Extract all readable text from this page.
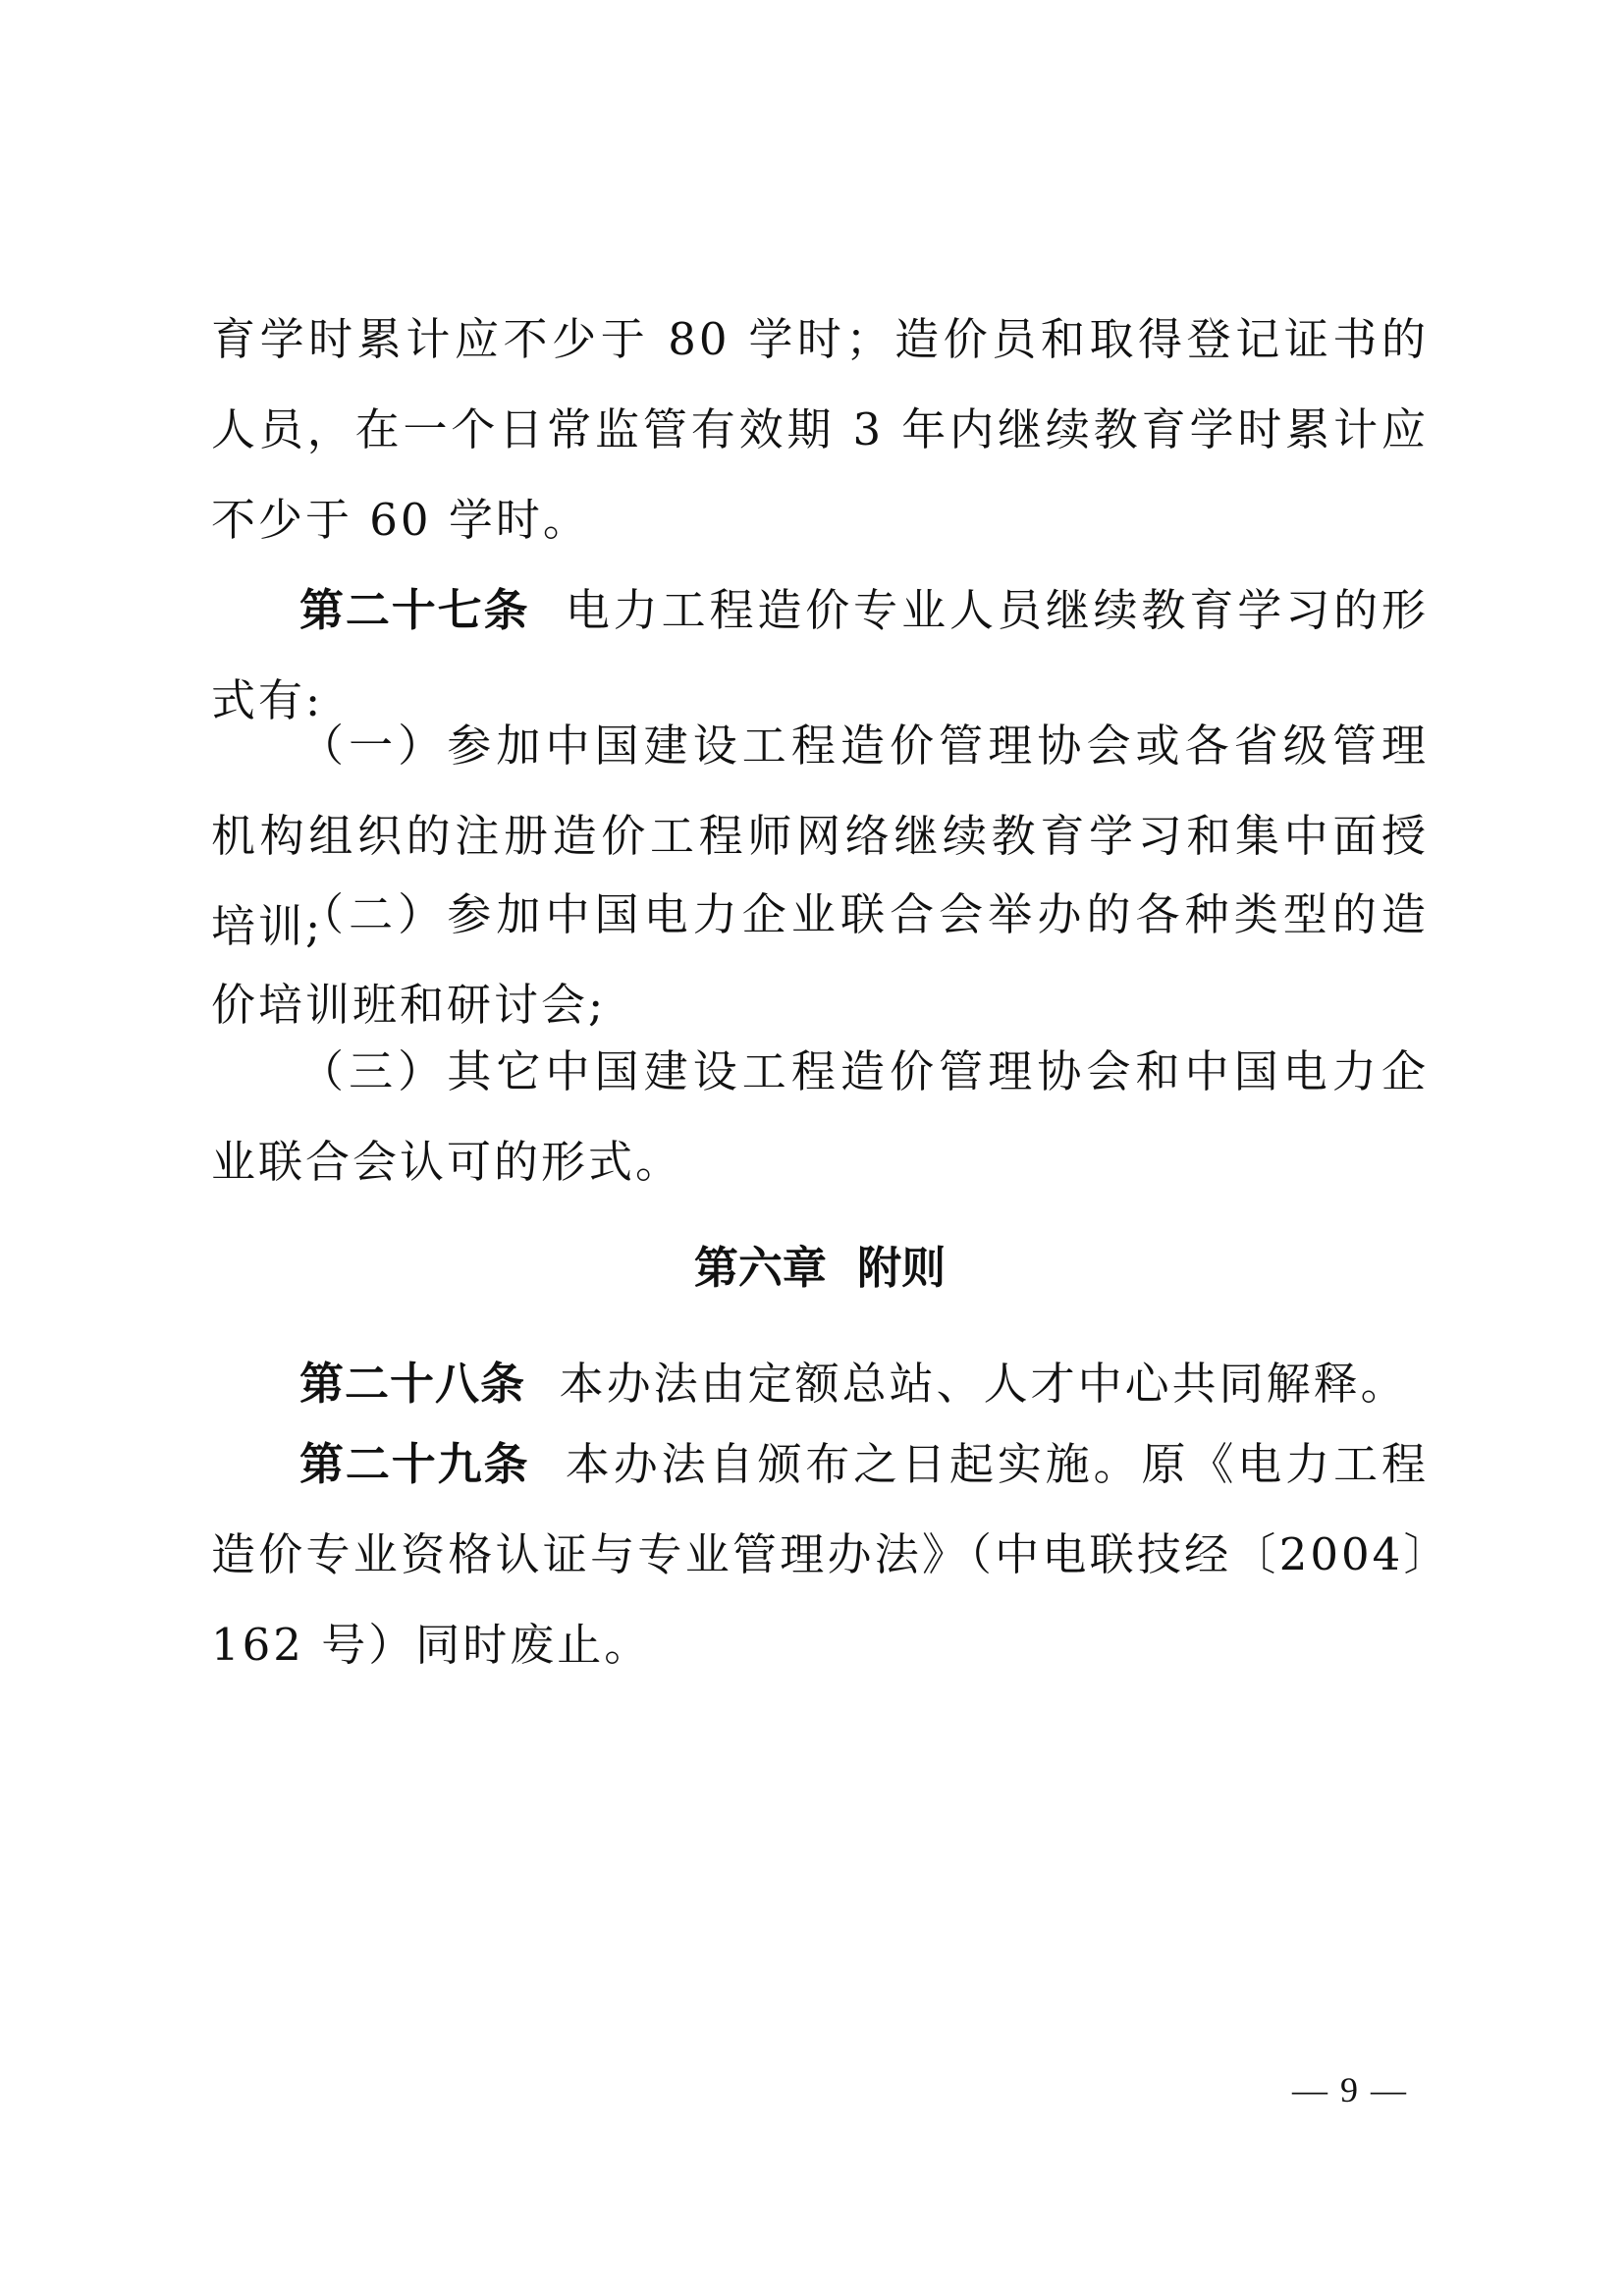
育学时累计应不少于 80 学时；造价员和取得登记证书的人员，在一个日常监管有效期 3 年内继续教育学时累计应不少于 60 学时。

第二十七条 电力工程造价专业人员继续教育学习的形式有:

（一）参加中国建设工程造价管理协会或各省级管理机构组织的注册造价工程师网络继续教育学习和集中面授培训;

（二）参加中国电力企业联合会举办的各种类型的造价培训班和研讨会;

（三）其它中国建设工程造价管理协会和中国电力企业联合会认可的形式。

第六章 附则

第二十八条 本办法由定额总站、人才中心共同解释。

第二十九条 本办法自颁布之日起实施。原《电力工程造价专业资格认证与专业管理办法》（中电联技经〔2004〕162 号）同时废止。

— 9 —
